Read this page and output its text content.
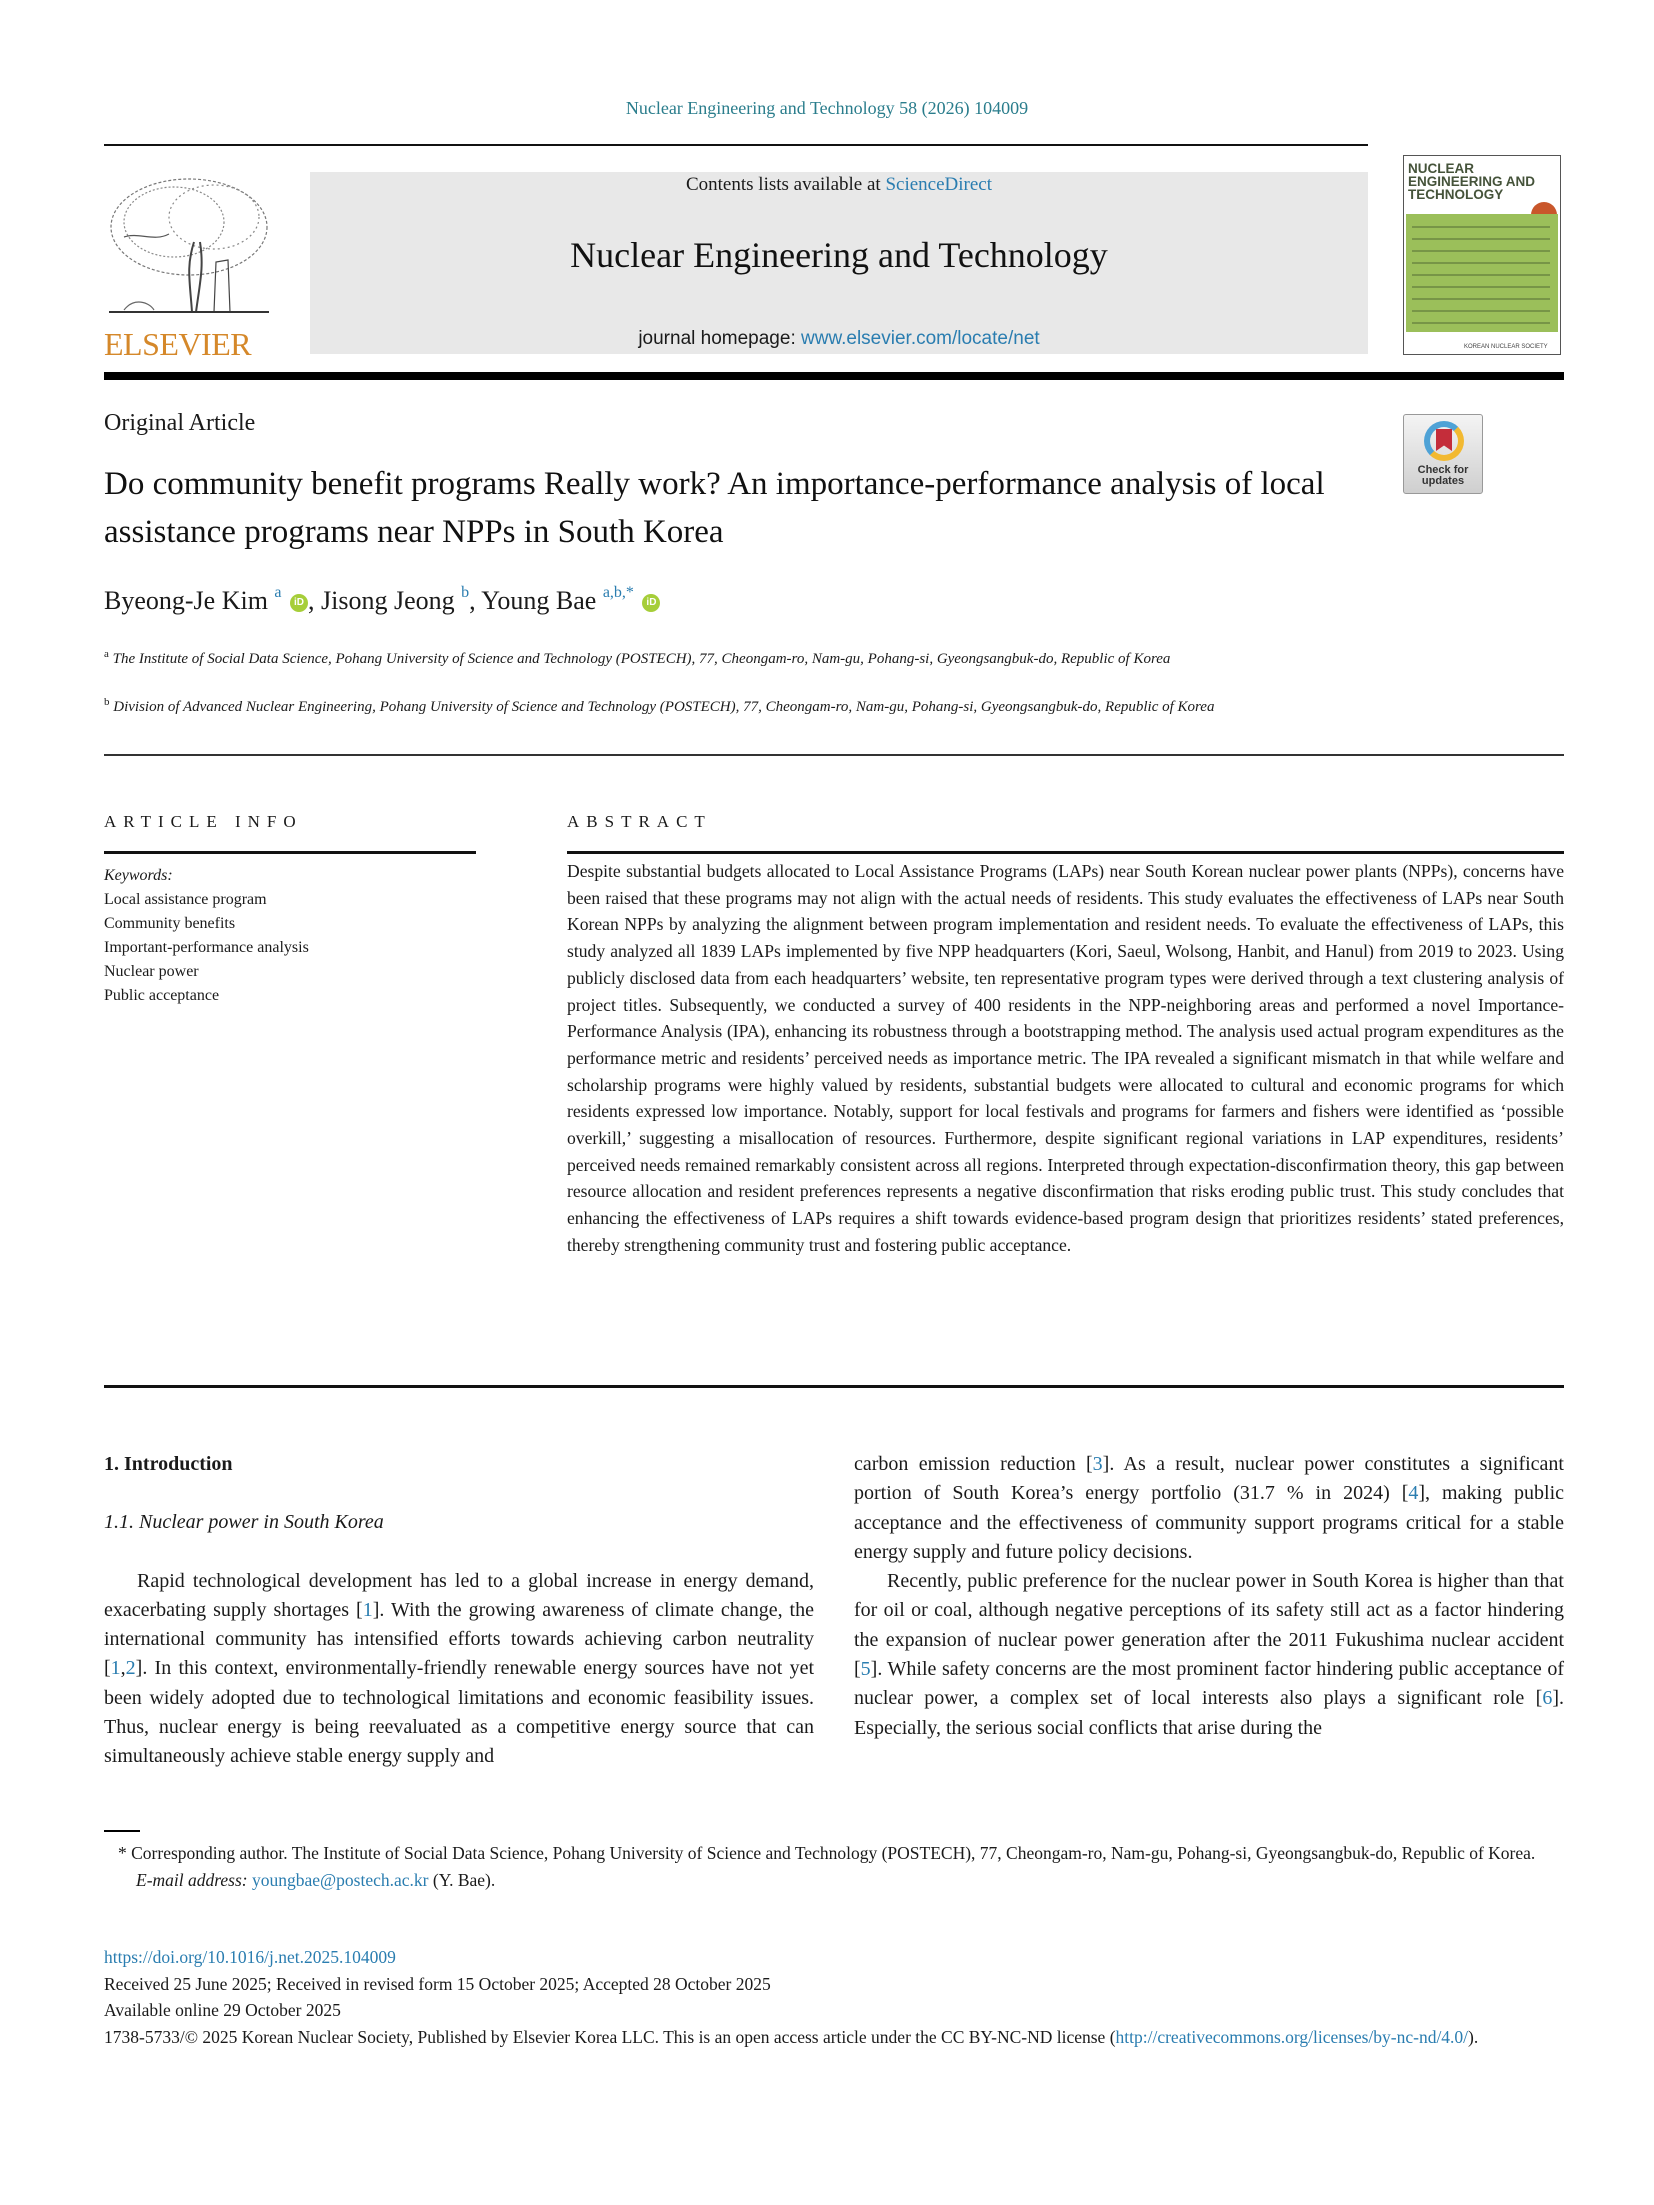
Nuclear Engineering and Technology 58 (2026) 104009
ELSEVIER
Contents lists available at ScienceDirect
Nuclear Engineering and Technology
journal homepage: www.elsevier.com/locate/net
NUCLEAR ENGINEERING AND TECHNOLOGY
KOREAN NUCLEAR SOCIETY
Original Article
Check for updates
Do community benefit programs Really work? An importance-performance analysis of local assistance programs near NPPs in South Korea
Byeong-Je Kim $^a$ iD , Jisong Jeong $^b$, Young Bae $^{a,b,*}$ iD
$^a$ The Institute of Social Data Science, Pohang University of Science and Technology (POSTECH), 77, Cheongam-ro, Nam-gu, Pohang-si, Gyeongsangbuk-do, Republic of Korea
$^b$ Division of Advanced Nuclear Engineering, Pohang University of Science and Technology (POSTECH), 77, Cheongam-ro, Nam-gu, Pohang-si, Gyeongsangbuk-do, Republic of Korea
ARTICLE INFO
Keywords:
Local assistance program
Community benefits
Important-performance analysis
Nuclear power
Public acceptance
ABSTRACT
Despite substantial budgets allocated to Local Assistance Programs (LAPs) near South Korean nuclear power plants (NPPs), concerns have been raised that these programs may not align with the actual needs of residents. This study evaluates the effectiveness of LAPs near South Korean NPPs by analyzing the alignment between program implementation and resident needs. To evaluate the effectiveness of LAPs, this study analyzed all 1839 LAPs implemented by five NPP headquarters (Kori, Saeul, Wolsong, Hanbit, and Hanul) from 2019 to 2023. Using publicly disclosed data from each headquarters’ website, ten representative program types were derived through a text clustering analysis of project titles. Subsequently, we conducted a survey of 400 residents in the NPP-neighboring areas and performed a novel Importance-Performance Analysis (IPA), enhancing its robustness through a bootstrapping method. The analysis used actual program expenditures as the performance metric and residents’ perceived needs as importance metric. The IPA revealed a significant mismatch in that while welfare and scholarship programs were highly valued by residents, substantial budgets were allocated to cultural and economic programs for which residents expressed low importance. Notably, support for local festivals and programs for farmers and fishers were identified as ‘possible overkill,’ suggesting a misallocation of resources. Furthermore, despite significant regional variations in LAP expenditures, residents’ perceived needs remained remarkably consistent across all regions. Interpreted through expectation-disconfirmation theory, this gap between resource allocation and resident preferences represents a negative disconfirmation that risks eroding public trust. This study concludes that enhancing the effectiveness of LAPs requires a shift towards evidence-based program design that prioritizes residents’ stated preferences, thereby strengthening community trust and fostering public acceptance.
1. Introduction
1.1. Nuclear power in South Korea
Rapid technological development has led to a global increase in energy demand, exacerbating supply shortages [1]. With the growing awareness of climate change, the international community has intensified efforts towards achieving carbon neutrality [1,2]. In this context, environmentally-friendly renewable energy sources have not yet been widely adopted due to technological limitations and economic feasibility issues. Thus, nuclear energy is being reevaluated as a competitive energy source that can simultaneously achieve stable energy supply and
carbon emission reduction [3]. As a result, nuclear power constitutes a significant portion of South Korea’s energy portfolio (31.7 % in 2024) [4], making public acceptance and the effectiveness of community support programs critical for a stable energy supply and future policy decisions.
Recently, public preference for the nuclear power in South Korea is higher than that for oil or coal, although negative perceptions of its safety still act as a factor hindering the expansion of nuclear power generation after the 2011 Fukushima nuclear accident [5]. While safety concerns are the most prominent factor hindering public acceptance of nuclear power, a complex set of local interests also plays a significant role [6]. Especially, the serious social conflicts that arise during the
* Corresponding author. The Institute of Social Data Science, Pohang University of Science and Technology (POSTECH), 77, Cheongam-ro, Nam-gu, Pohang-si, Gyeongsangbuk-do, Republic of Korea.
E-mail address: youngbae@postech.ac.kr (Y. Bae).
https://doi.org/10.1016/j.net.2025.104009
Received 25 June 2025; Received in revised form 15 October 2025; Accepted 28 October 2025
Available online 29 October 2025
1738-5733/© 2025 Korean Nuclear Society, Published by Elsevier Korea LLC. This is an open access article under the CC BY-NC-ND license (http://creativecommons.org/licenses/by-nc-nd/4.0/).
